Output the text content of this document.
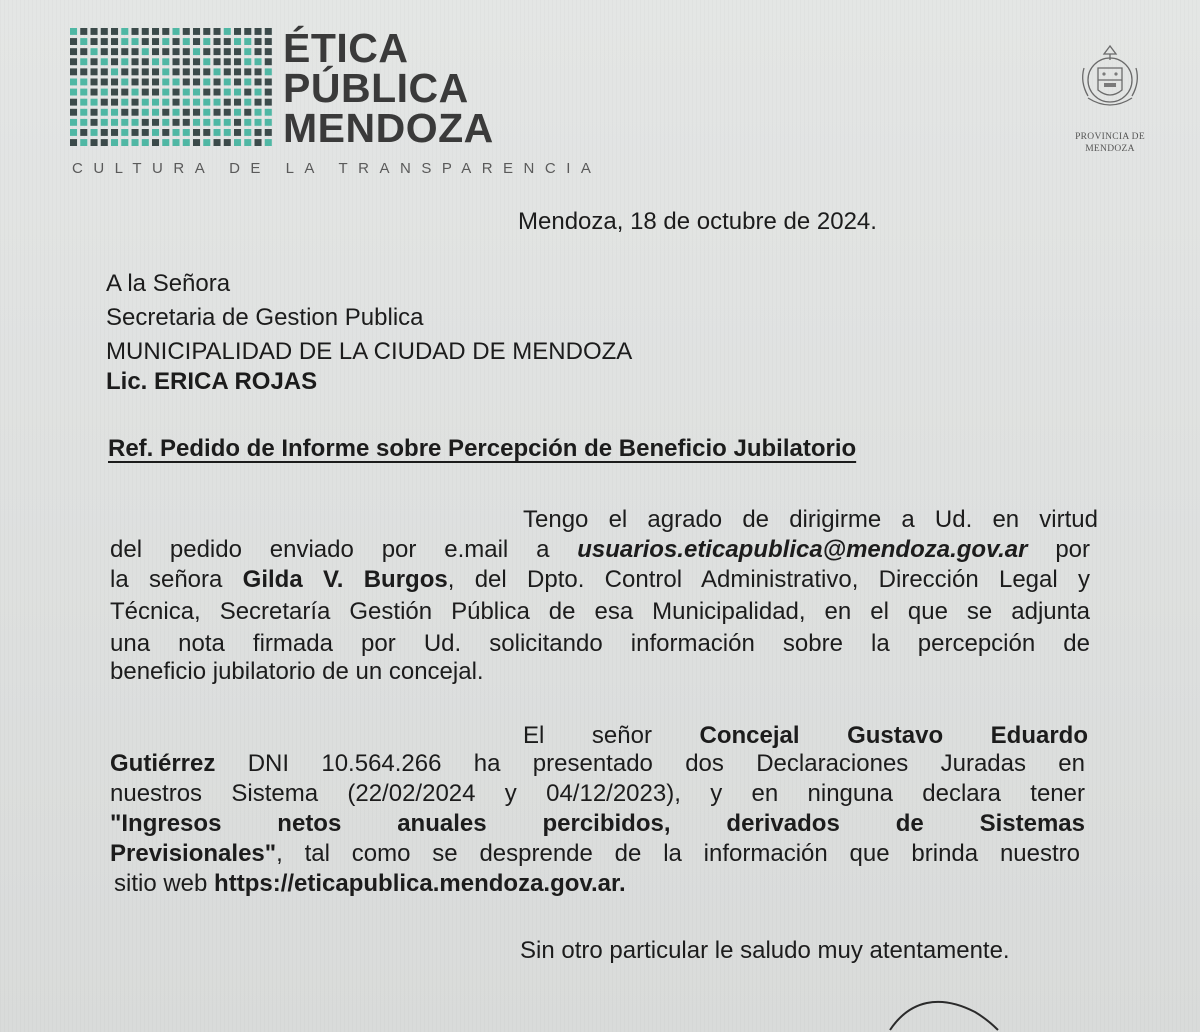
ÉTICA
PÚBLICA
MENDOZA
CULTURA DE LA TRANSPARENCIA
PROVINCIA DE
MENDOZA
Mendoza, 18 de octubre de 2024.
A la Señora
Secretaria de Gestion Publica
MUNICIPALIDAD DE LA CIUDAD DE MENDOZA
Lic. ERICA ROJAS
Ref. Pedido de Informe sobre Percepción de Beneficio Jubilatorio
Tengo el agrado de dirigirme a Ud. en virtud
del pedido enviado por e.mail a usuarios.eticapublica@mendoza.gov.ar por
la señora Gilda V. Burgos, del Dpto. Control Administrativo, Dirección Legal y
Técnica, Secretaría Gestión Pública de esa Municipalidad, en el que se adjunta
una nota firmada por Ud. solicitando información sobre la percepción de
beneficio jubilatorio de un concejal.
El señor Concejal Gustavo Eduardo
Gutiérrez DNI 10.564.266 ha presentado dos Declaraciones Juradas en
nuestros Sistema (22/02/2024 y 04/12/2023), y en ninguna declara tener
"Ingresos netos anuales percibidos, derivados de Sistemas
Previsionales", tal como se desprende de la información que brinda nuestro
sitio web https://eticapublica.mendoza.gov.ar.
Sin otro particular le saludo muy atentamente.
